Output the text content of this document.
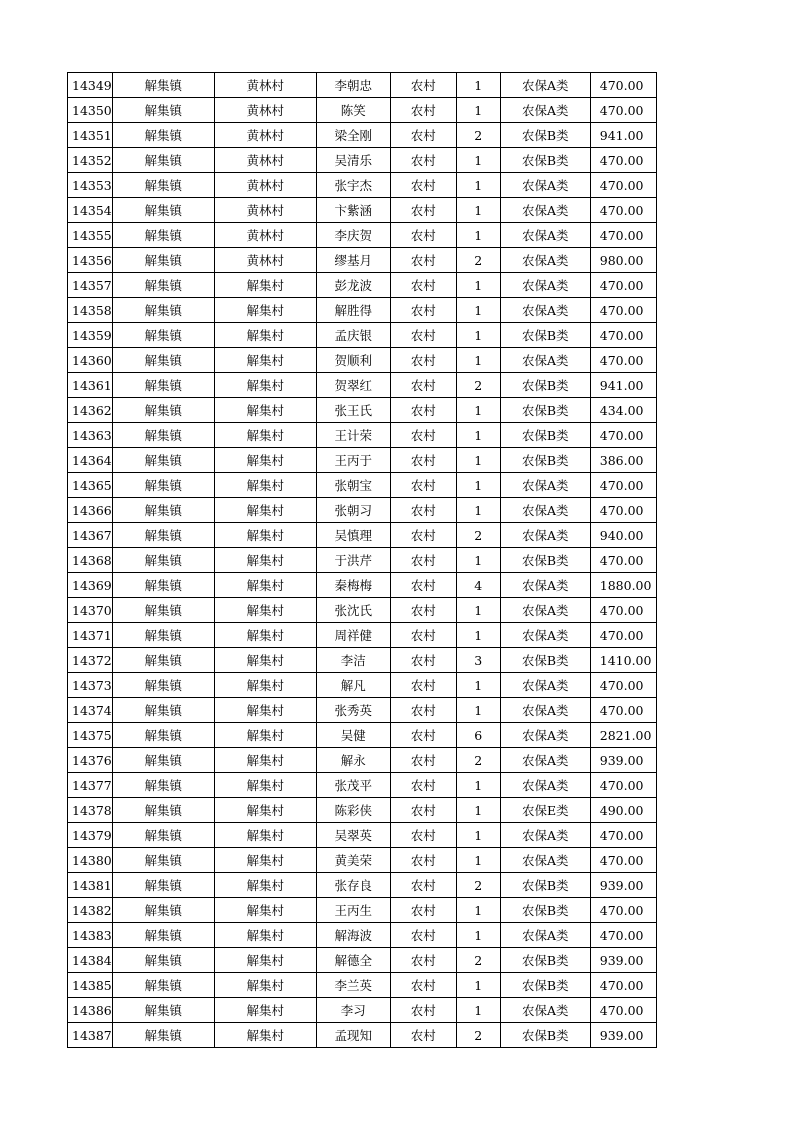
14349	解集镇	黄林村	李朝忠	农村	1	农保A类	470.00
14350	解集镇	黄林村	陈笑	农村	1	农保A类	470.00
14351	解集镇	黄林村	梁全刚	农村	2	农保B类	941.00
14352	解集镇	黄林村	吴清乐	农村	1	农保B类	470.00
14353	解集镇	黄林村	张宇杰	农村	1	农保A类	470.00
14354	解集镇	黄林村	卞紫涵	农村	1	农保A类	470.00
14355	解集镇	黄林村	李庆贺	农村	1	农保A类	470.00
14356	解集镇	黄林村	缪基月	农村	2	农保A类	980.00
14357	解集镇	解集村	彭龙波	农村	1	农保A类	470.00
14358	解集镇	解集村	解胜得	农村	1	农保A类	470.00
14359	解集镇	解集村	孟庆银	农村	1	农保B类	470.00
14360	解集镇	解集村	贺顺利	农村	1	农保A类	470.00
14361	解集镇	解集村	贺翠红	农村	2	农保B类	941.00
14362	解集镇	解集村	张王氏	农村	1	农保B类	434.00
14363	解集镇	解集村	王计荣	农村	1	农保B类	470.00
14364	解集镇	解集村	王丙于	农村	1	农保B类	386.00
14365	解集镇	解集村	张朝宝	农村	1	农保A类	470.00
14366	解集镇	解集村	张朝习	农村	1	农保A类	470.00
14367	解集镇	解集村	吴慎理	农村	2	农保A类	940.00
14368	解集镇	解集村	于洪芹	农村	1	农保B类	470.00
14369	解集镇	解集村	秦梅梅	农村	4	农保A类	1880.00
14370	解集镇	解集村	张沈氏	农村	1	农保A类	470.00
14371	解集镇	解集村	周祥健	农村	1	农保A类	470.00
14372	解集镇	解集村	李洁	农村	3	农保B类	1410.00
14373	解集镇	解集村	解凡	农村	1	农保A类	470.00
14374	解集镇	解集村	张秀英	农村	1	农保A类	470.00
14375	解集镇	解集村	吴健	农村	6	农保A类	2821.00
14376	解集镇	解集村	解永	农村	2	农保A类	939.00
14377	解集镇	解集村	张茂平	农村	1	农保A类	470.00
14378	解集镇	解集村	陈彩侠	农村	1	农保E类	490.00
14379	解集镇	解集村	吴翠英	农村	1	农保A类	470.00
14380	解集镇	解集村	黄美荣	农村	1	农保A类	470.00
14381	解集镇	解集村	张存良	农村	2	农保B类	939.00
14382	解集镇	解集村	王丙生	农村	1	农保B类	470.00
14383	解集镇	解集村	解海波	农村	1	农保A类	470.00
14384	解集镇	解集村	解德全	农村	2	农保B类	939.00
14385	解集镇	解集村	李兰英	农村	1	农保B类	470.00
14386	解集镇	解集村	李习	农村	1	农保A类	470.00
14387	解集镇	解集村	孟现知	农村	2	农保B类	939.00
